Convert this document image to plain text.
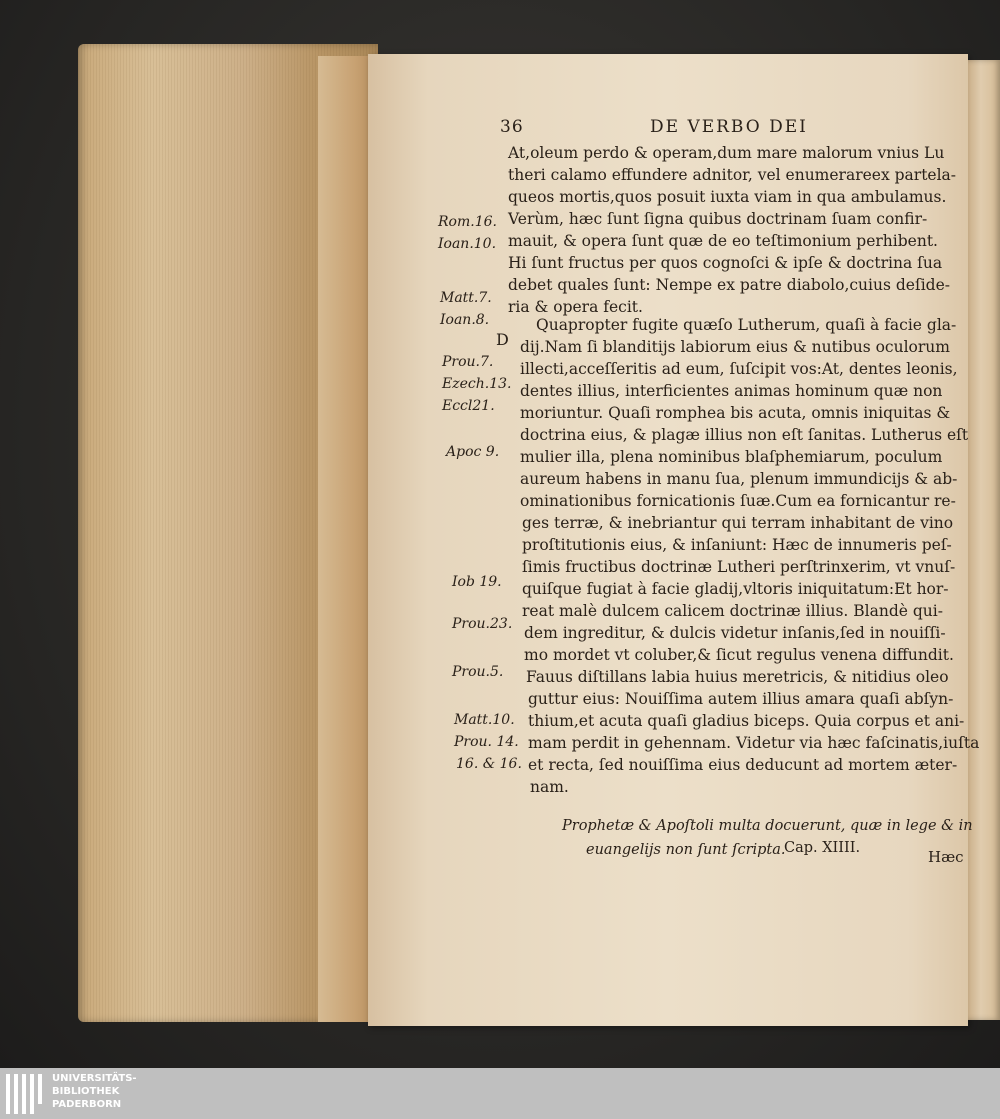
36	DE VERBO DEI
At,oleum perdo & operam,dum mare malorum vnius Lu
theri calamo effundere adnitor, vel enumerareex partela-
queos mortis,quos posuit iuxta viam in qua ambulamus.
Verùm, hæc ſunt ſigna quibus doctrinam ſuam confir-
mauit, & opera ſunt quæ de eo teſtimonium perhibent.
Hi ſunt fructus per quos cognoſci & ipſe & doctrina ſua
debet quales ſunt: Nempe ex patre diabolo,cuius deſide-
ria & opera fecit.
D
Quapropter fugite quæſo Lutherum, quaſi à facie gla-
dij.Nam ſi blanditijs labiorum eius & nutibus oculorum
illecti,acceſſeritis ad eum, ſuſcipit vos:At, dentes leonis,
dentes illius, interficientes animas hominum quæ non
moriuntur. Quaſi romphea bis acuta, omnis iniquitas &
doctrina eius, & plagæ illius non eſt ſanitas. Lutherus eſt
mulier illa, plena nominibus blaſphemiarum, poculum
aureum habens in manu ſua, plenum immundicijs & ab-
ominationibus fornicationis ſuæ.Cum ea fornicantur re-
ges terræ, & inebriantur qui terram inhabitant de vino
proſtitutionis eius, & inſaniunt: Hæc de innumeris peſ-
ſimis fructibus doctrinæ Lutheri perſtrinxerim, vt vnuſ-
quiſque fugiat à facie gladij,vltoris iniquitatum:Et hor-
reat malè dulcem calicem doctrinæ illius. Blandè qui-
dem ingreditur, & dulcis videtur inſanis,ſed in nouiſſi-
mo mordet vt coluber,& ſicut regulus venena diffundit.
Fauus diſtillans labia huius meretricis, & nitidius oleo
guttur eius: Nouiſſima autem illius amara quaſi abſyn-
thium,et acuta quaſi gladius biceps. Quia corpus et ani-
mam perdit in gehennam. Videtur via hæc faſcinatis,iuſta
et recta, ſed nouiſſima eius deducunt ad mortem æter-
nam.
Rom.16.
Ioan.10.
Matt.7.
Ioan.8.
Prou.7.
Ezech.13.
Eccl21.
Apoc 9.
Iob 19.
Prou.23.
Prou.5.
Matt.10.
Prou. 14.
16. & 16.
Prophetæ & Apoſtoli multa docuerunt, quæ in lege & in
euangelijs non ſunt ſcripta.
Cap. XIIII.	Hæc
UNIVERSITÄTS-
BIBLIOTHEK
PADERBORN
